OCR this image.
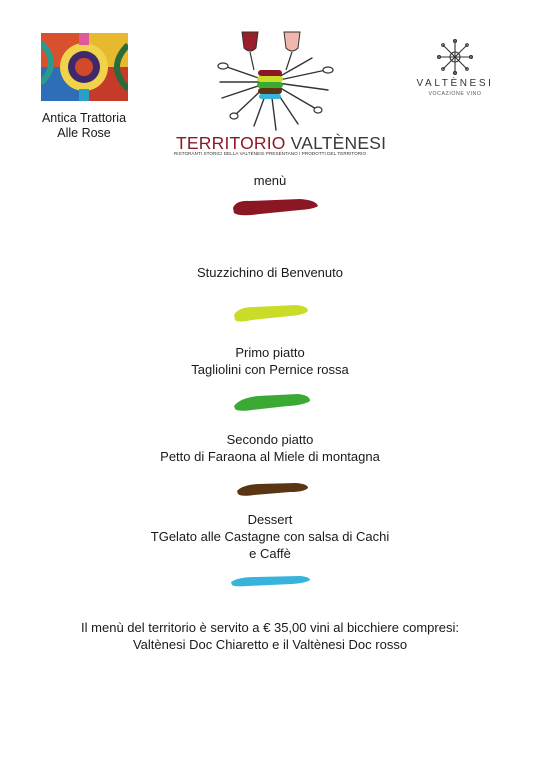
Antica Trattoria
Alle Rose	TERRITORIO VALTÈNESI
RISTORANTI STORICI DELLA VALTÈNESI PRESENTANO I PRODOTTI DEL TERRITORIO
VALTÈNESI
VOCAZIONE VINO
menù
Stuzzichino di Benvenuto
Primo piatto
Tagliolini con Pernice rossa
Secondo piatto
Petto di Faraona al Miele di montagna
Dessert
TGelato alle Castagne con salsa di Cachi
e Caffè
Il menù del territorio è servito a € 35,00 vini al bicchiere compresi:
Valtènesi Doc Chiaretto e il Valtènesi Doc rosso
